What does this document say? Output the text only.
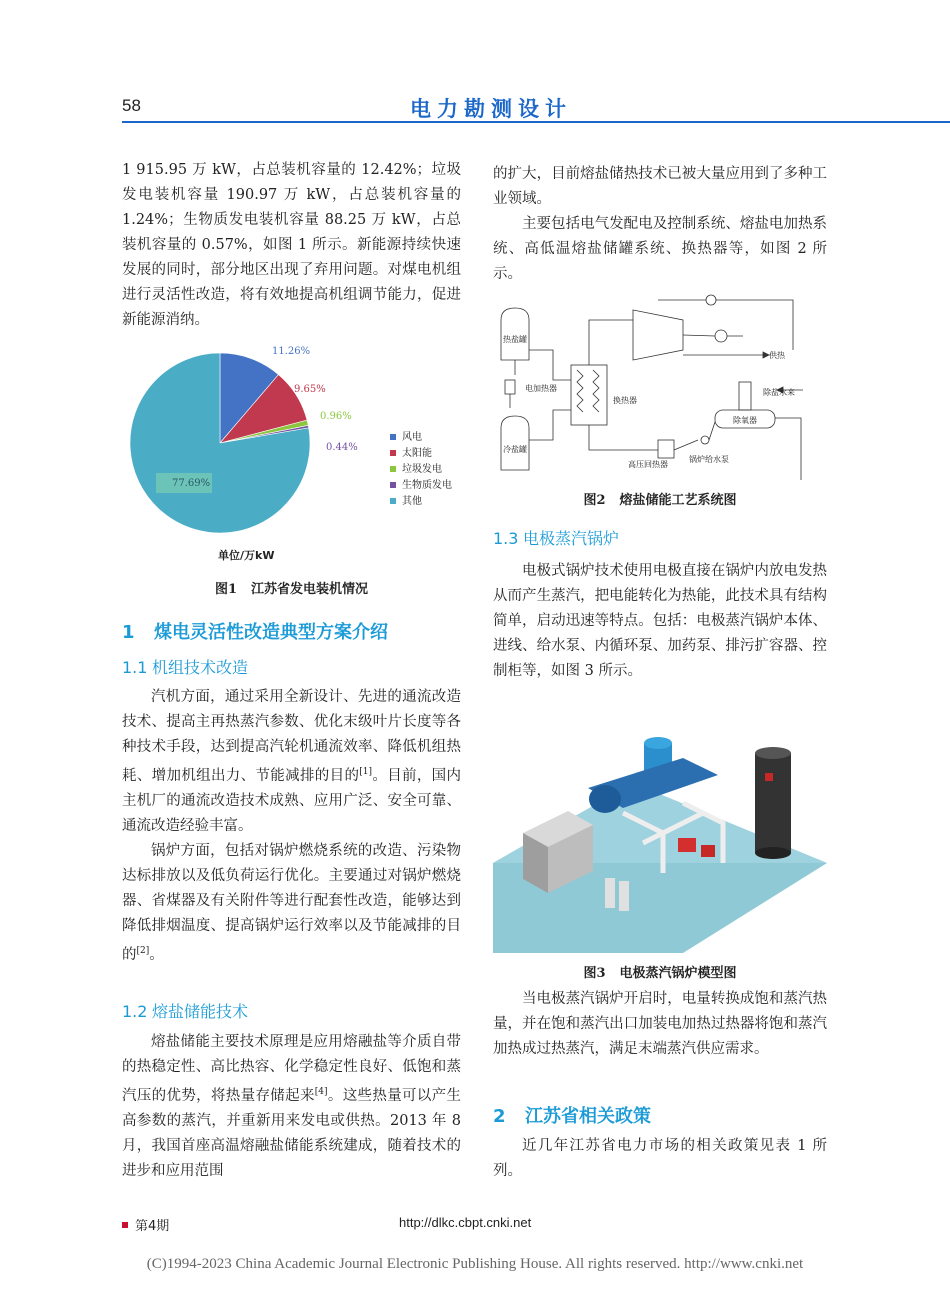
58	电力勘测设计

1 915.95 万 kW，占总装机容量的 12.42%；垃圾发电装机容量 190.97 万 kW，占总装机容量的 1.24%；生物质发电装机容量 88.25 万 kW，占总装机容量的 0.57%，如图 1 所示。新能源持续快速发展的同时，部分地区出现了弃用问题。对煤电机组进行灵活性改造，将有效地提高机组调节能力，促进新能源消纳。

11.26%
9.65%
0.96%
0.44%
77.69%
风电
太阳能
垃圾发电
生物质发电
其他
单位/万kW
图1 江苏省发电装机情况
1 煤电灵活性改造典型方案介绍
1.1 机组技术改造

汽机方面，通过采用全新设计、先进的通流改造技术、提高主再热蒸汽参数、优化末级叶片长度等各种技术手段，达到提高汽轮机通流效率、降低机组热耗、增加机组出力、节能减排的目的[1]。目前，国内主机厂的通流改造技术成熟、应用广泛、安全可靠、通流改造经验丰富。

锅炉方面，包括对锅炉燃烧系统的改造、污染物达标排放以及低负荷运行优化。主要通过对锅炉燃烧器、省煤器及有关附件等进行配套性改造，能够达到降低排烟温度、提高锅炉运行效率以及节能减排的目的[2]。

1.2 熔盐储能技术

熔盐储能主要技术原理是应用熔融盐等介质自带的热稳定性、高比热容、化学稳定性良好、低饱和蒸汽压的优势，将热量存储起来[4]。这些热量可以产生高参数的蒸汽，并重新用来发电或供热。2013 年 8 月，我国首座高温熔融盐储能系统建成，随着技术的进步和应用范围

的扩大，目前熔盐储热技术已被大量应用到了多种工业领域。

主要包括电气发配电及控制系统、熔盐电加热系统、高低温熔盐储罐系统、换热器等，如图 2 所示。

热盐罐
电加热器
冷盐罐
换热器
供热
除盐水来
除氧器
高压回热器
锅炉给水泵
图2 熔盐储能工艺系统图
1.3 电极蒸汽锅炉

电极式锅炉技术使用电极直接在锅炉内放电发热从而产生蒸汽，把电能转化为热能，此技术具有结构简单，启动迅速等特点。包括：电极蒸汽锅炉本体、进线、给水泵、内循环泵、加药泵、排污扩容器、控制柜等，如图 3 所示。

图3 电极蒸汽锅炉模型图

当电极蒸汽锅炉开启时，电量转换成饱和蒸汽热量，并在饱和蒸汽出口加装电加热过热器将饱和蒸汽加热成过热蒸汽，满足末端蒸汽供应需求。

2 江苏省相关政策

近几年江苏省电力市场的相关政策见表 1 所列。

第4期	http://dlkc.cbpt.cnki.net
(C)1994-2023 China Academic Journal Electronic Publishing House. All rights reserved. http://www.cnki.net
